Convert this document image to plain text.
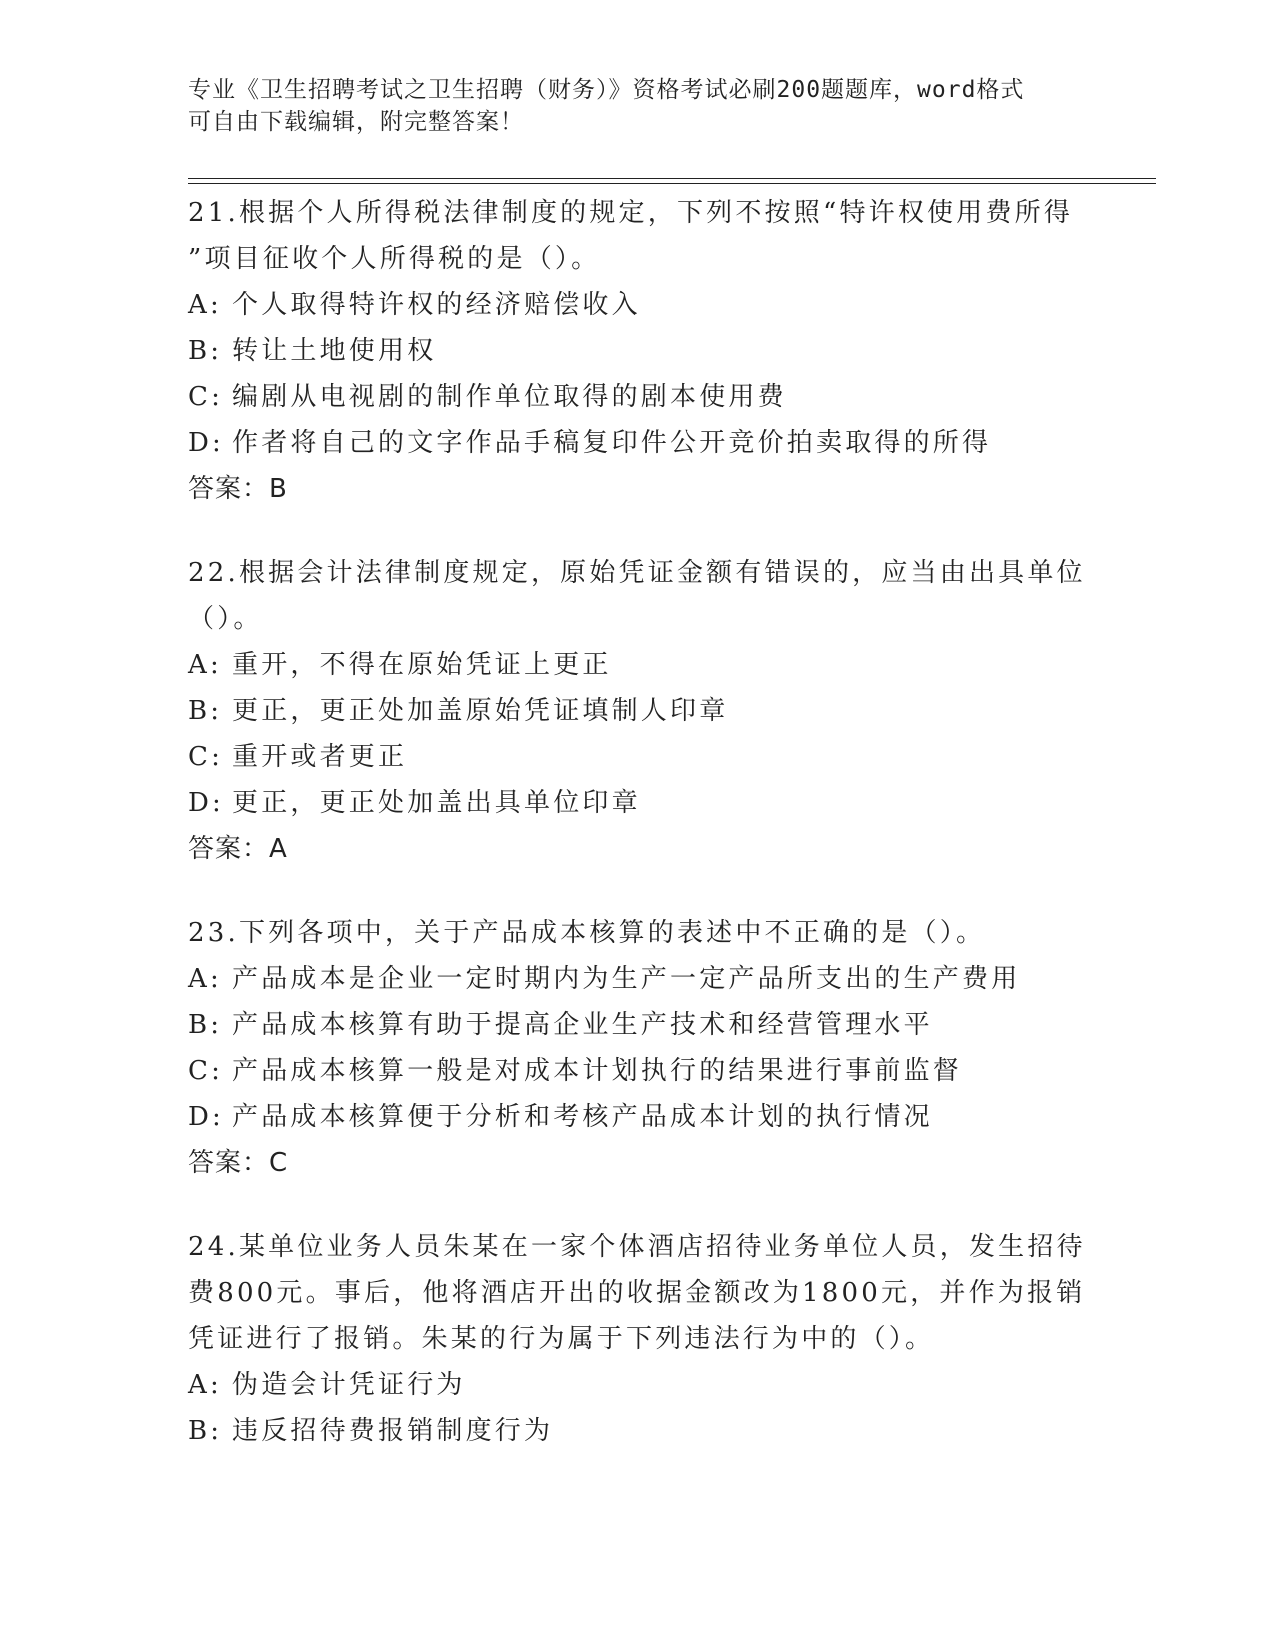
专业《卫生招聘考试之卫生招聘（财务）》资格考试必刷200题题库，word格式
可自由下载编辑，附完整答案！
21.根据个人所得税法律制度的规定，下列不按照“特许权使用费所得
”项目征收个人所得税的是（）。
A: 个人取得特许权的经济赔偿收入
B: 转让土地使用权
C: 编剧从电视剧的制作单位取得的剧本使用费
D: 作者将自己的文字作品手稿复印件公开竞价拍卖取得的所得
答案：B
22.根据会计法律制度规定，原始凭证金额有错误的，应当由出具单位
（）。
A: 重开，不得在原始凭证上更正
B: 更正，更正处加盖原始凭证填制人印章
C: 重开或者更正
D: 更正，更正处加盖出具单位印章
答案：A
23.下列各项中，关于产品成本核算的表述中不正确的是（）。
A: 产品成本是企业一定时期内为生产一定产品所支出的生产费用
B: 产品成本核算有助于提高企业生产技术和经营管理水平
C: 产品成本核算一般是对成本计划执行的结果进行事前监督
D: 产品成本核算便于分析和考核产品成本计划的执行情况
答案：C
24.某单位业务人员朱某在一家个体酒店招待业务单位人员，发生招待
费800元。事后，他将酒店开出的收据金额改为1800元，并作为报销
凭证进行了报销。朱某的行为属于下列违法行为中的（）。
A: 伪造会计凭证行为
B: 违反招待费报销制度行为
